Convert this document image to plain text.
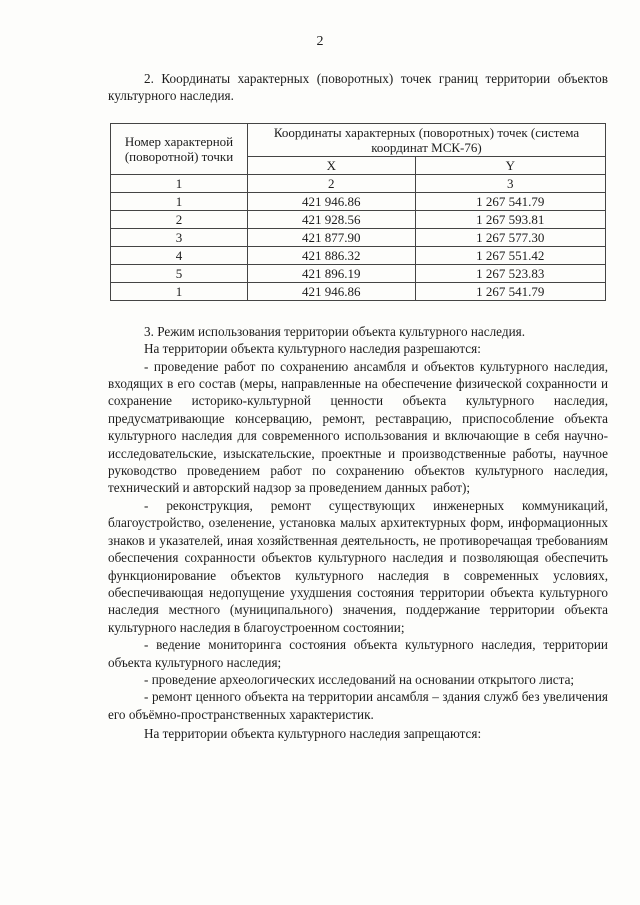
2

2. Координаты характерных (поворотных) точек границ территории объектов культурного наследия.

Номер характерной (поворотной) точки	Координаты характерных (поворотных) точек (система координат МСК-76)	
	X	Y
1	2	3
1	421 946.86	1 267 541.79
2	421 928.56	1 267 593.81
3	421 877.90	1 267 577.30
4	421 886.32	1 267 551.42
5	421 896.19	1 267 523.83
1	421 946.86	1 267 541.79

3. Режим использования территории объекта культурного наследия.

На территории объекта культурного наследия разрешаются:

- проведение работ по сохранению ансамбля и объектов культурного наследия, входящих в его состав (меры, направленные на обеспечение физической сохранности и сохранение историко-культурной ценности объекта культурного наследия, предусматривающие консервацию, ремонт, реставрацию, приспособление объекта культурного наследия для современного использования и включающие в себя научно-исследовательские, изыскательские, проектные и производственные работы, научное руководство проведением работ по сохранению объектов культурного наследия, технический и авторский надзор за проведением данных работ);

- реконструкция, ремонт существующих инженерных коммуникаций, благоустройство, озеленение, установка малых архитектурных форм, информационных знаков и указателей, иная хозяйственная деятельность, не противоречащая требованиям обеспечения сохранности объектов культурного наследия и позволяющая обеспечить функционирование объектов культурного наследия в современных условиях, обеспечивающая недопущение ухудшения состояния территории объекта культурного наследия местного (муниципального) значения, поддержание территории объекта культурного наследия в благоустроенном состоянии;

- ведение мониторинга состояния объекта культурного наследия, территории объекта культурного наследия;

- проведение археологических исследований на основании открытого листа;

- ремонт ценного объекта на территории ансамбля – здания служб без увеличения его объёмно-пространственных характеристик.

На территории объекта культурного наследия запрещаются:
